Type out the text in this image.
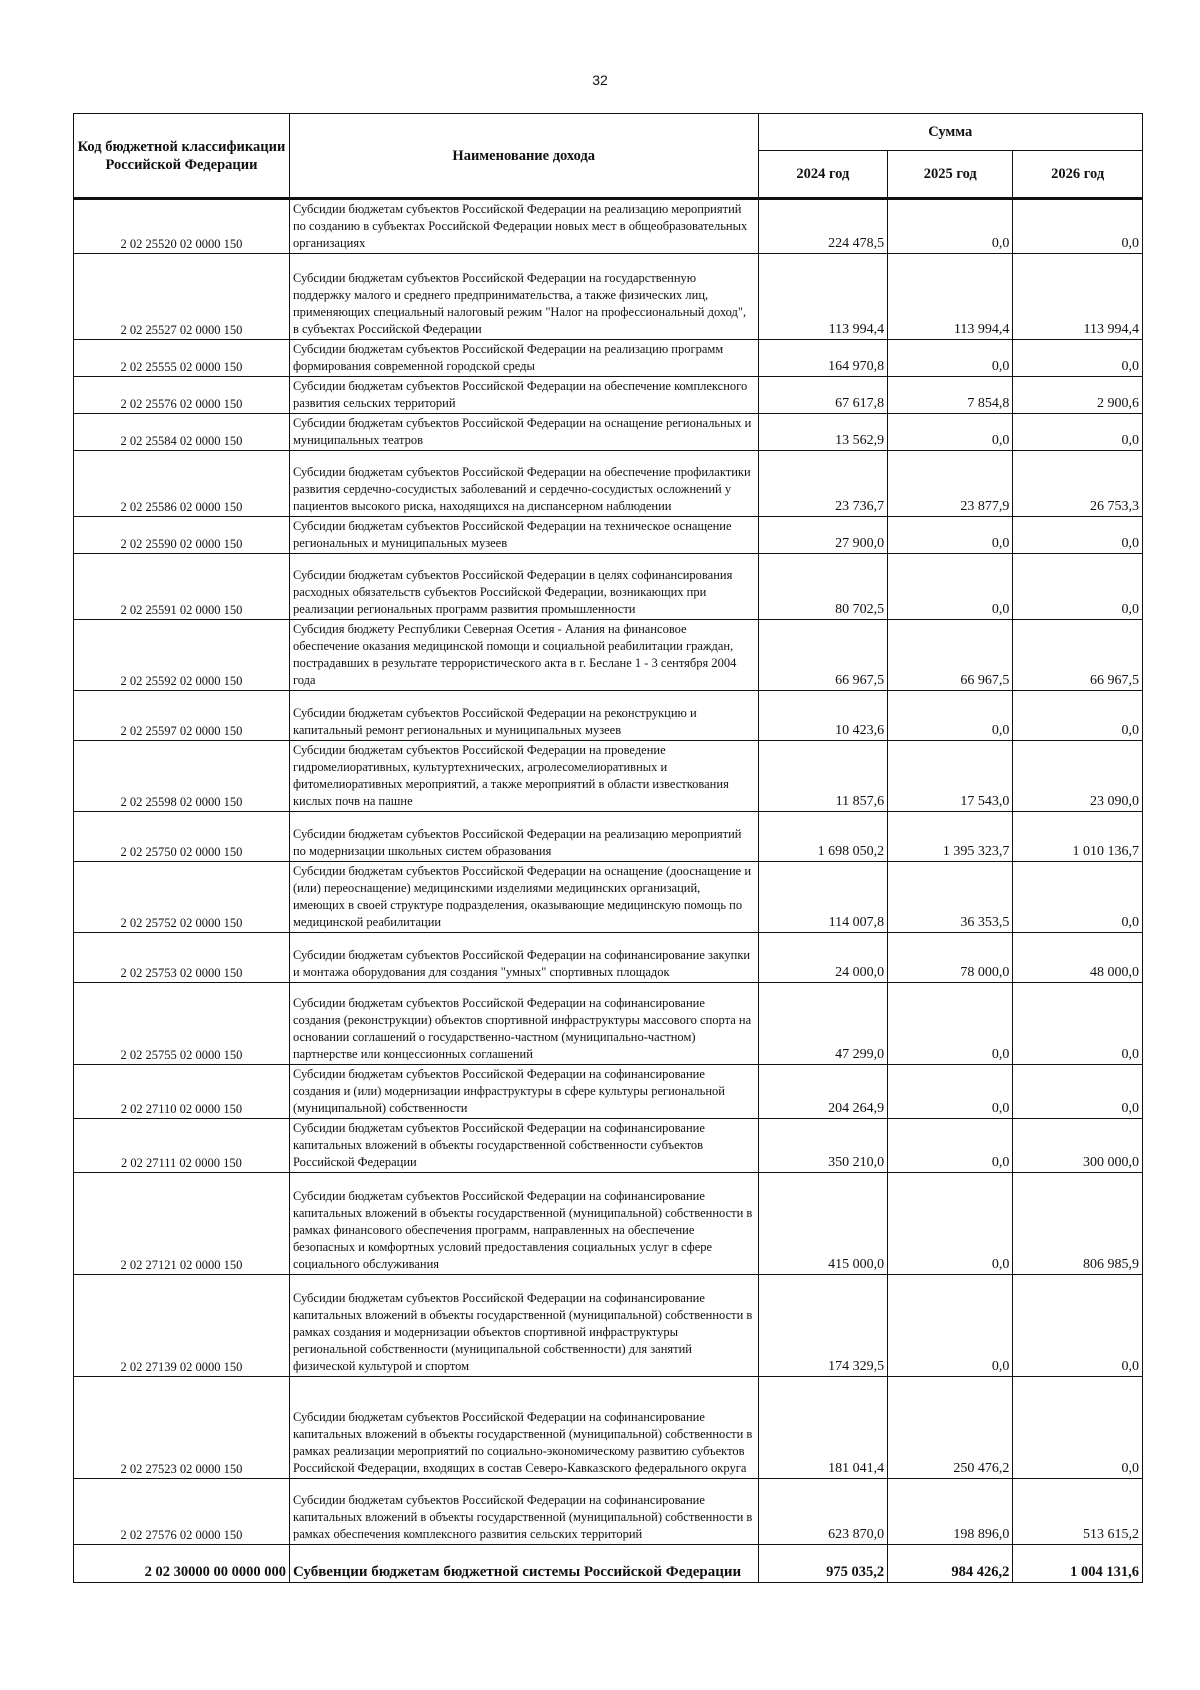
32
Код бюджетной классификации Российской Федерации	Наименование дохода	Сумма		
		2024 год	2025 год	2026 год
2 02 25520 02 0000 150	Субсидии бюджетам субъектов Российской Федерации на реализацию мероприятий по созданию в субъектах Российской Федерации новых мест в общеобразовательных организациях	224 478,5	0,0	0,0
2 02 25527 02 0000 150	Субсидии бюджетам субъектов Российской Федерации на государственную поддержку малого и среднего предпринимательства, а также физических лиц, применяющих специальный налоговый режим "Налог на профессиональный доход", в субъектах Российской Федерации	113 994,4	113 994,4	113 994,4
2 02 25555 02 0000 150	Субсидии бюджетам субъектов Российской Федерации на реализацию программ формирования современной городской среды	164 970,8	0,0	0,0
2 02 25576 02 0000 150	Субсидии бюджетам субъектов Российской Федерации на обеспечение комплексного развития сельских территорий	67 617,8	7 854,8	2 900,6
2 02 25584 02 0000 150	Субсидии бюджетам субъектов Российской Федерации на оснащение региональных и муниципальных театров	13 562,9	0,0	0,0
2 02 25586 02 0000 150	Субсидии бюджетам субъектов Российской Федерации на обеспечение профилактики развития сердечно-сосудистых заболеваний и сердечно-сосудистых осложнений у пациентов высокого риска, находящихся на диспансерном наблюдении	23 736,7	23 877,9	26 753,3
2 02 25590 02 0000 150	Субсидии бюджетам субъектов Российской Федерации на техническое оснащение региональных и муниципальных музеев	27 900,0	0,0	0,0
2 02 25591 02 0000 150	Субсидии бюджетам субъектов Российской Федерации в целях софинансирования расходных обязательств субъектов Российской Федерации, возникающих при реализации региональных программ развития промышленности	80 702,5	0,0	0,0
2 02 25592 02 0000 150	Субсидия бюджету Республики Северная Осетия - Алания на финансовое обеспечение оказания медицинской помощи и социальной реабилитации граждан, пострадавших в результате террористического акта в г. Беслане 1 - 3 сентября 2004 года	66 967,5	66 967,5	66 967,5
2 02 25597 02 0000 150	Субсидии бюджетам субъектов Российской Федерации на реконструкцию и капитальный ремонт региональных и муниципальных музеев	10 423,6	0,0	0,0
2 02 25598 02 0000 150	Субсидии бюджетам субъектов Российской Федерации на проведение гидромелиоративных, культуртехнических, агролесомелиоративных и фитомелиоративных мероприятий, а также мероприятий в области известкования кислых почв на пашне	11 857,6	17 543,0	23 090,0
2 02 25750 02 0000 150	Субсидии бюджетам субъектов Российской Федерации на реализацию мероприятий по модернизации школьных систем образования	1 698 050,2	1 395 323,7	1 010 136,7
2 02 25752 02 0000 150	Субсидии бюджетам субъектов Российской Федерации на оснащение (дооснащение и (или) переоснащение) медицинскими изделиями медицинских организаций, имеющих в своей структуре подразделения, оказывающие медицинскую помощь по медицинской реабилитации	114 007,8	36 353,5	0,0
2 02 25753 02 0000 150	Субсидии бюджетам субъектов Российской Федерации на софинансирование закупки и монтажа оборудования для создания "умных" спортивных площадок	24 000,0	78 000,0	48 000,0
2 02 25755 02 0000 150	Субсидии бюджетам субъектов Российской Федерации на софинансирование создания (реконструкции) объектов спортивной инфраструктуры массового спорта на основании соглашений о государственно-частном (муниципально-частном) партнерстве или концессионных соглашений	47 299,0	0,0	0,0
2 02 27110 02 0000 150	Субсидии бюджетам субъектов Российской Федерации на софинансирование создания и (или) модернизации инфраструктуры в сфере культуры региональной (муниципальной) собственности	204 264,9	0,0	0,0
2 02 27111 02 0000 150	Субсидии бюджетам субъектов Российской Федерации на софинансирование капитальных вложений в объекты государственной собственности субъектов Российской Федерации	350 210,0	0,0	300 000,0
2 02 27121 02 0000 150	Субсидии бюджетам субъектов Российской Федерации на софинансирование капитальных вложений в объекты государственной (муниципальной) собственности в рамках финансового обеспечения программ, направленных на обеспечение безопасных и комфортных условий предоставления социальных услуг в сфере социального обслуживания	415 000,0	0,0	806 985,9
2 02 27139 02 0000 150	Субсидии бюджетам субъектов Российской Федерации на софинансирование капитальных вложений в объекты государственной (муниципальной) собственности в рамках создания и модернизации объектов спортивной инфраструктуры региональной собственности (муниципальной собственности) для занятий физической культурой и спортом	174 329,5	0,0	0,0
2 02 27523 02 0000 150	Субсидии бюджетам субъектов Российской Федерации на софинансирование капитальных вложений в объекты государственной (муниципальной) собственности в рамках реализации мероприятий по социально-экономическому развитию субъектов Российской Федерации, входящих в состав Северо-Кавказского федерального округа	181 041,4	250 476,2	0,0
2 02 27576 02 0000 150	Субсидии бюджетам субъектов Российской Федерации на софинансирование капитальных вложений в объекты государственной (муниципальной) собственности в рамках обеспечения комплексного развития сельских территорий	623 870,0	198 896,0	513 615,2
2 02 30000 00 0000 000	Субвенции бюджетам бюджетной системы Российской Федерации	975 035,2	984 426,2	1 004 131,6
